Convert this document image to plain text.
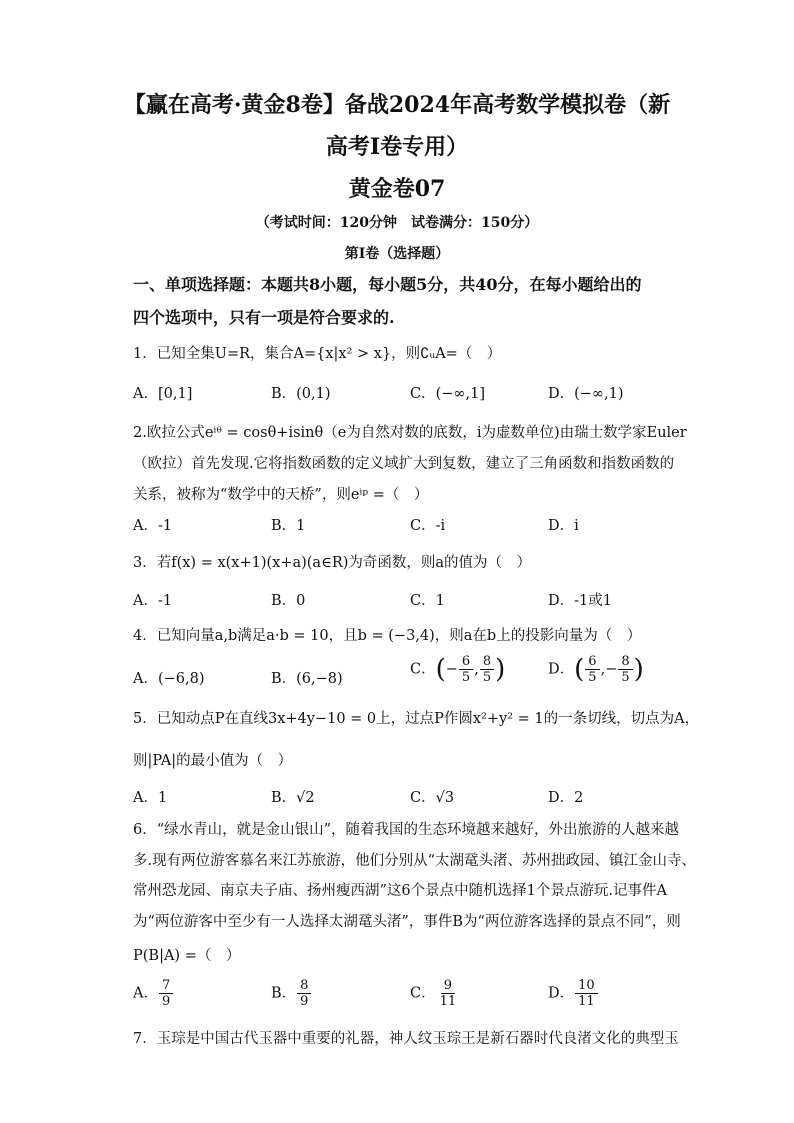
【赢在高考·黄金8卷】备战2024年高考数学模拟卷（新
高考Ⅰ卷专用）
黄金卷07
（考试时间：120分钟　试卷满分：150分）
第Ⅰ卷（选择题）
一、单项选择题：本题共8小题，每小题5分，共40分，在每小题给出的
四个选项中，只有一项是符合要求的.
1．已知全集U=R，集合A={x|x² > x}，则∁ᵤA=（　）
A．[0,1]	B．(0,1)	C．(−∞,1]	D．(−∞,1)
2.欧拉公式eⁱᶿ = cosθ+isinθ（e为自然对数的底数，i为虚数单位)由瑞士数学家Euler
（欧拉）首先发现.它将指数函数的定义域扩大到复数，建立了三角函数和指数函数的
关系，被称为“数学中的天桥”，则eⁱᵖ =（　）
A．-1	B．1	C．-i	D．i
3．若f(x) = x(x+1)(x+a)(a∈R)为奇函数，则a的值为（　）
A．-1	B．0	C．1	D．-1或1
4．已知向量a,b满足a·b = 10，且b = (−3,4)，则a在b上的投影向量为（　）
A．(−6,8)	B．(6,−8)
C．(− $\frac{6}{5}$ , $\frac{8}{5}$ )	D．( $\frac{6}{5}$ ,− $\frac{8}{5}$ )
5．已知动点P在直线3x+4y−10 = 0上，过点P作圆x²+y² = 1的一条切线，切点为A，
则|PA|的最小值为（　）
A．1	B．√2	C．√3	D．2
6．“绿水青山，就是金山银山”，随着我国的生态环境越来越好，外出旅游的人越来越
多.现有两位游客慕名来江苏旅游，他们分别从“太湖鼋头渚、苏州拙政园、镇江金山寺、
常州恐龙园、南京夫子庙、扬州瘦西湖”这6个景点中随机选择1个景点游玩.记事件A
为“两位游客中至少有一人选择太湖鼋头渚”，事件B为“两位游客选择的景点不同”，则
P(B|A) =（　）
A． $\frac{7}{9}$	B． $\frac{8}{9}$	C． $\frac{9}{11}$	D． $\frac{10}{11}$
7．玉琮是中国古代玉器中重要的礼器，神人纹玉琮王是新石器时代良渚文化的典型玉
